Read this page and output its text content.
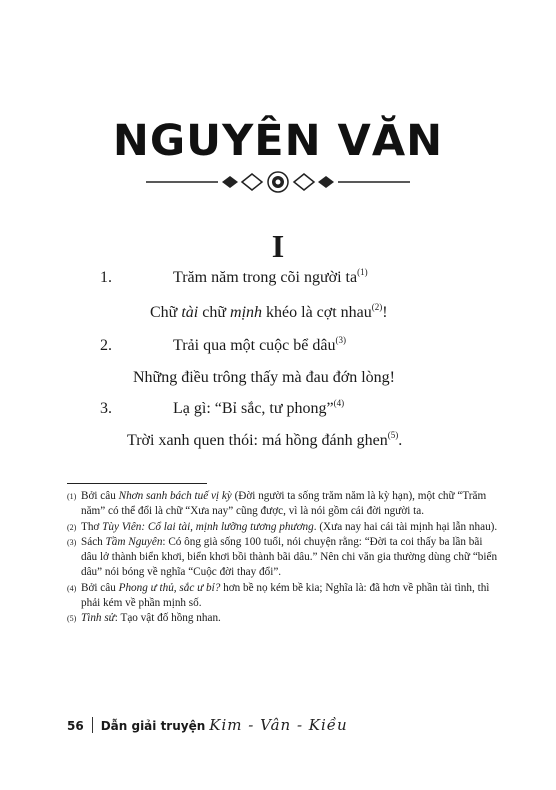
NGUYÊN VĂN
I
1.	Trăm năm trong cõi người $ta^{(1)}$
Chữ tài chữ mịnh khéo là cợt nhau$^{(2)}$!
2.	Trải qua một cuộc bể dâu$^{(3)}$
Những điều trông thấy mà đau đớn lòng!
3.	Lạ gì: “Bỉ sắc, tư phong”$^{(4)}$
Trời xanh quen thói: má hồng đánh ghen$^{(5)}$.

(1) Bởi câu Nhơn sanh bách tuế vị kỳ (Đời người ta sống trăm năm là kỳ hạn), một chữ “Trăm năm” có thể đổi là chữ “Xưa nay” cũng được, vì là nói gồm cái đời người ta.

(2) Thơ Tùy Viên: Cổ lai tài, mịnh lưỡng tương phương. (Xưa nay hai cái tài mịnh hại lẫn nhau).

(3) Sách Tầm Nguyên: Có ông già sống 100 tuổi, nói chuyện rằng: “Đời ta coi thấy ba lần bãi dâu lở thành biển khơi, biển khơi bồi thành bãi dâu.” Nên chi văn gia thường dùng chữ “biển dâu” nói bóng về nghĩa “Cuộc đời thay đổi”.

(4) Bởi câu Phong ư thủ, sắc ư bỉ? hơn bề nọ kém bề kia; Nghĩa là: đã hơn về phần tài tình, thì phải kém về phần mịnh số.

(5) Tình sử: Tạo vật đố hồng nhan.

56 Dẫn giải truyện Kim - Vân - Kiều
